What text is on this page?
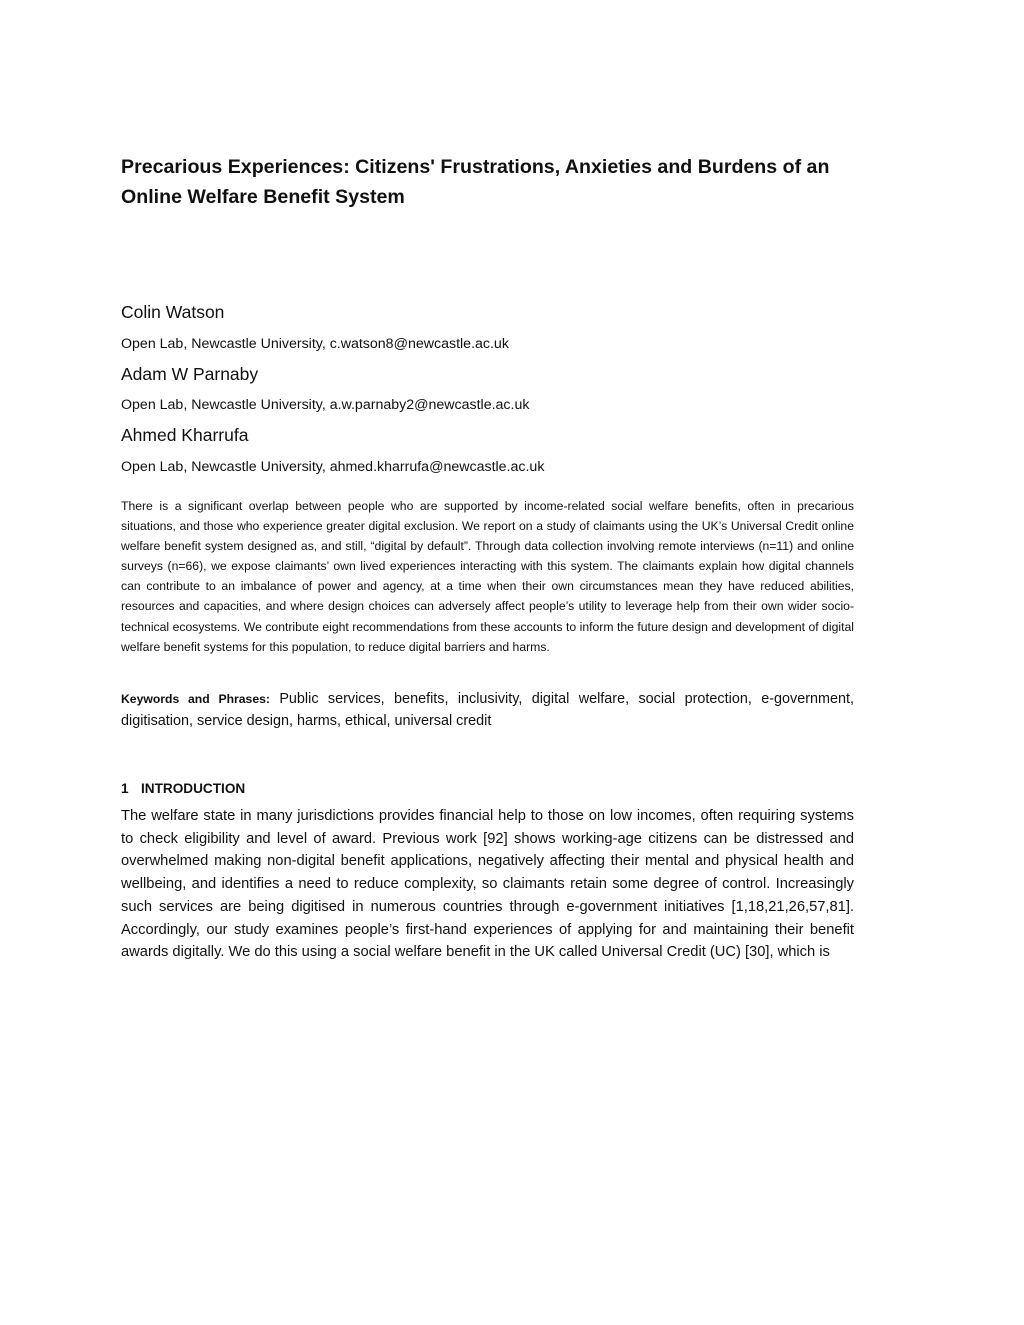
Precarious Experiences: Citizens' Frustrations, Anxieties and Burdens of an Online Welfare Benefit System

Colin Watson

Open Lab, Newcastle University, c.watson8@newcastle.ac.uk

Adam W Parnaby

Open Lab, Newcastle University, a.w.parnaby2@newcastle.ac.uk

Ahmed Kharrufa

Open Lab, Newcastle University, ahmed.kharrufa@newcastle.ac.uk

There is a significant overlap between people who are supported by income-related social welfare benefits, often in precarious situations, and those who experience greater digital exclusion. We report on a study of claimants using the UK’s Universal Credit online welfare benefit system designed as, and still, “digital by default”. Through data collection involving remote interviews (n=11) and online surveys (n=66), we expose claimants’ own lived experiences interacting with this system. The claimants explain how digital channels can contribute to an imbalance of power and agency, at a time when their own circumstances mean they have reduced abilities, resources and capacities, and where design choices can adversely affect people’s utility to leverage help from their own wider socio-technical ecosystems. We contribute eight recommendations from these accounts to inform the future design and development of digital welfare benefit systems for this population, to reduce digital barriers and harms.

Keywords and Phrases: Public services, benefits, inclusivity, digital welfare, social protection, e-government, digitisation, service design, harms, ethical, universal credit

1 INTRODUCTION

The welfare state in many jurisdictions provides financial help to those on low incomes, often requiring systems to check eligibility and level of award. Previous work [92] shows working-age citizens can be distressed and overwhelmed making non-digital benefit applications, negatively affecting their mental and physical health and wellbeing, and identifies a need to reduce complexity, so claimants retain some degree of control. Increasingly such services are being digitised in numerous countries through e-government initiatives [1,18,21,26,57,81]. Accordingly, our study examines people’s first-hand experiences of applying for and maintaining their benefit awards digitally. We do this using a social welfare benefit in the UK called Universal Credit (UC) [30], which is
